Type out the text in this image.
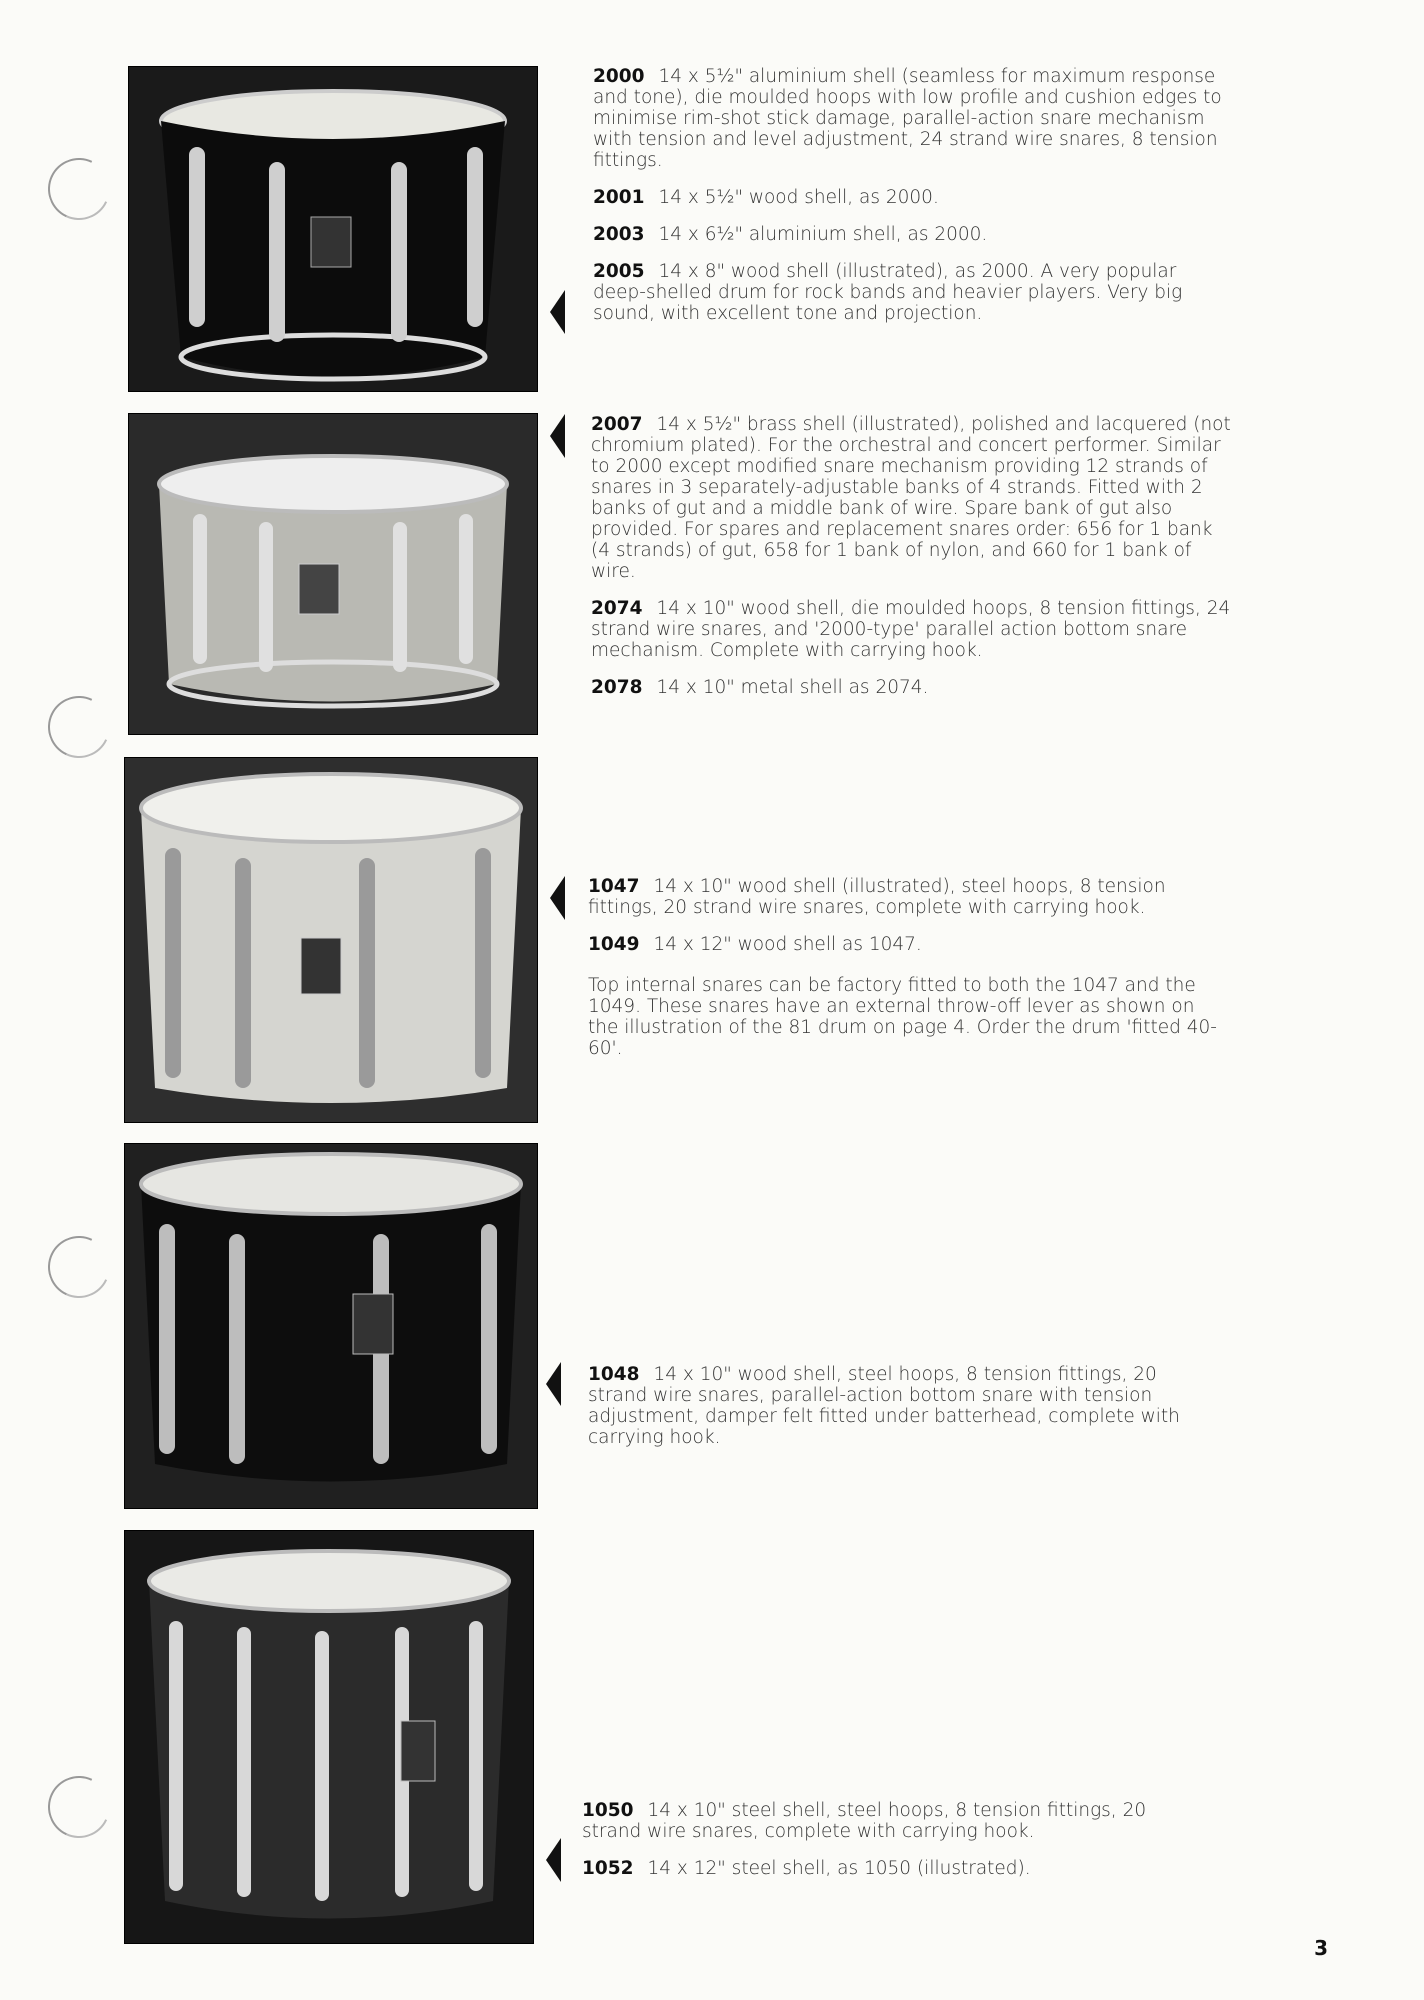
2000 14 x 5½" aluminium shell (seamless for maximum response and tone), die moulded hoops with low profile and cushion edges to minimise rim-shot stick damage, parallel-action snare mechanism with tension and level adjustment, 24 strand wire snares, 8 tension fittings.

2001 14 x 5½" wood shell, as 2000.

2003 14 x 6½" aluminium shell, as 2000.

2005 14 x 8" wood shell (illustrated), as 2000. A very popular deep-shelled drum for rock bands and heavier players. Very big sound, with excellent tone and projection.

2007 14 x 5½" brass shell (illustrated), polished and lacquered (not chromium plated). For the orchestral and concert performer. Similar to 2000 except modified snare mechanism providing 12 strands of snares in 3 separately-adjustable banks of 4 strands. Fitted with 2 banks of gut and a middle bank of wire. Spare bank of gut also provided. For spares and replacement snares order: 656 for 1 bank (4 strands) of gut, 658 for 1 bank of nylon, and 660 for 1 bank of wire.

2074 14 x 10" wood shell, die moulded hoops, 8 tension fittings, 24 strand wire snares, and '2000-type' parallel action bottom snare mechanism. Complete with carrying hook.

2078 14 x 10" metal shell as 2074.

1047 14 x 10" wood shell (illustrated), steel hoops, 8 tension fittings, 20 strand wire snares, complete with carrying hook.

1049 14 x 12" wood shell as 1047.

Top internal snares can be factory fitted to both the 1047 and the 1049. These snares have an external throw-off lever as shown on the illustration of the 81 drum on page 4. Order the drum 'fitted 40-60'.

1048 14 x 10" wood shell, steel hoops, 8 tension fittings, 20 strand wire snares, parallel-action bottom snare with tension adjustment, damper felt fitted under batterhead, complete with carrying hook.

1050 14 x 10" steel shell, steel hoops, 8 tension fittings, 20 strand wire snares, complete with carrying hook.

1052 14 x 12" steel shell, as 1050 (illustrated).

3
